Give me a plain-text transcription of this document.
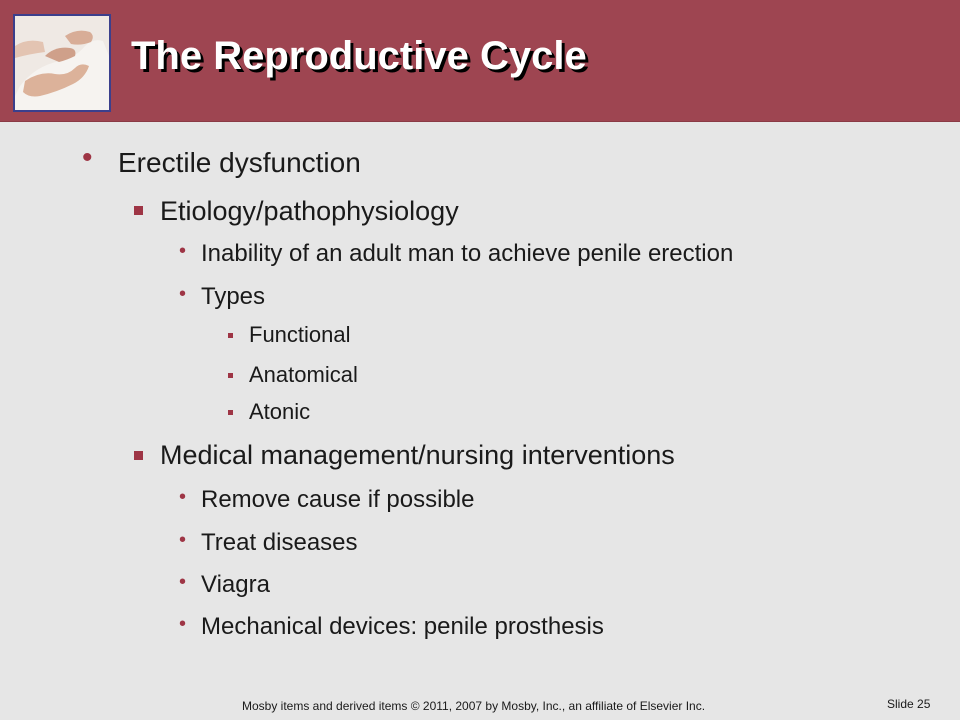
The Reproductive Cycle
• Erectile dysfunction
Etiology/pathophysiology
• Inability of an adult man to achieve penile erection
• Types
Functional
Anatomical
Atonic
Medical management/nursing interventions
• Remove cause if possible
• Treat diseases
• Viagra
• Mechanical devices: penile prosthesis
Mosby items and derived items © 2011, 2007 by Mosby, Inc., an affiliate of Elsevier Inc.	Slide 25
